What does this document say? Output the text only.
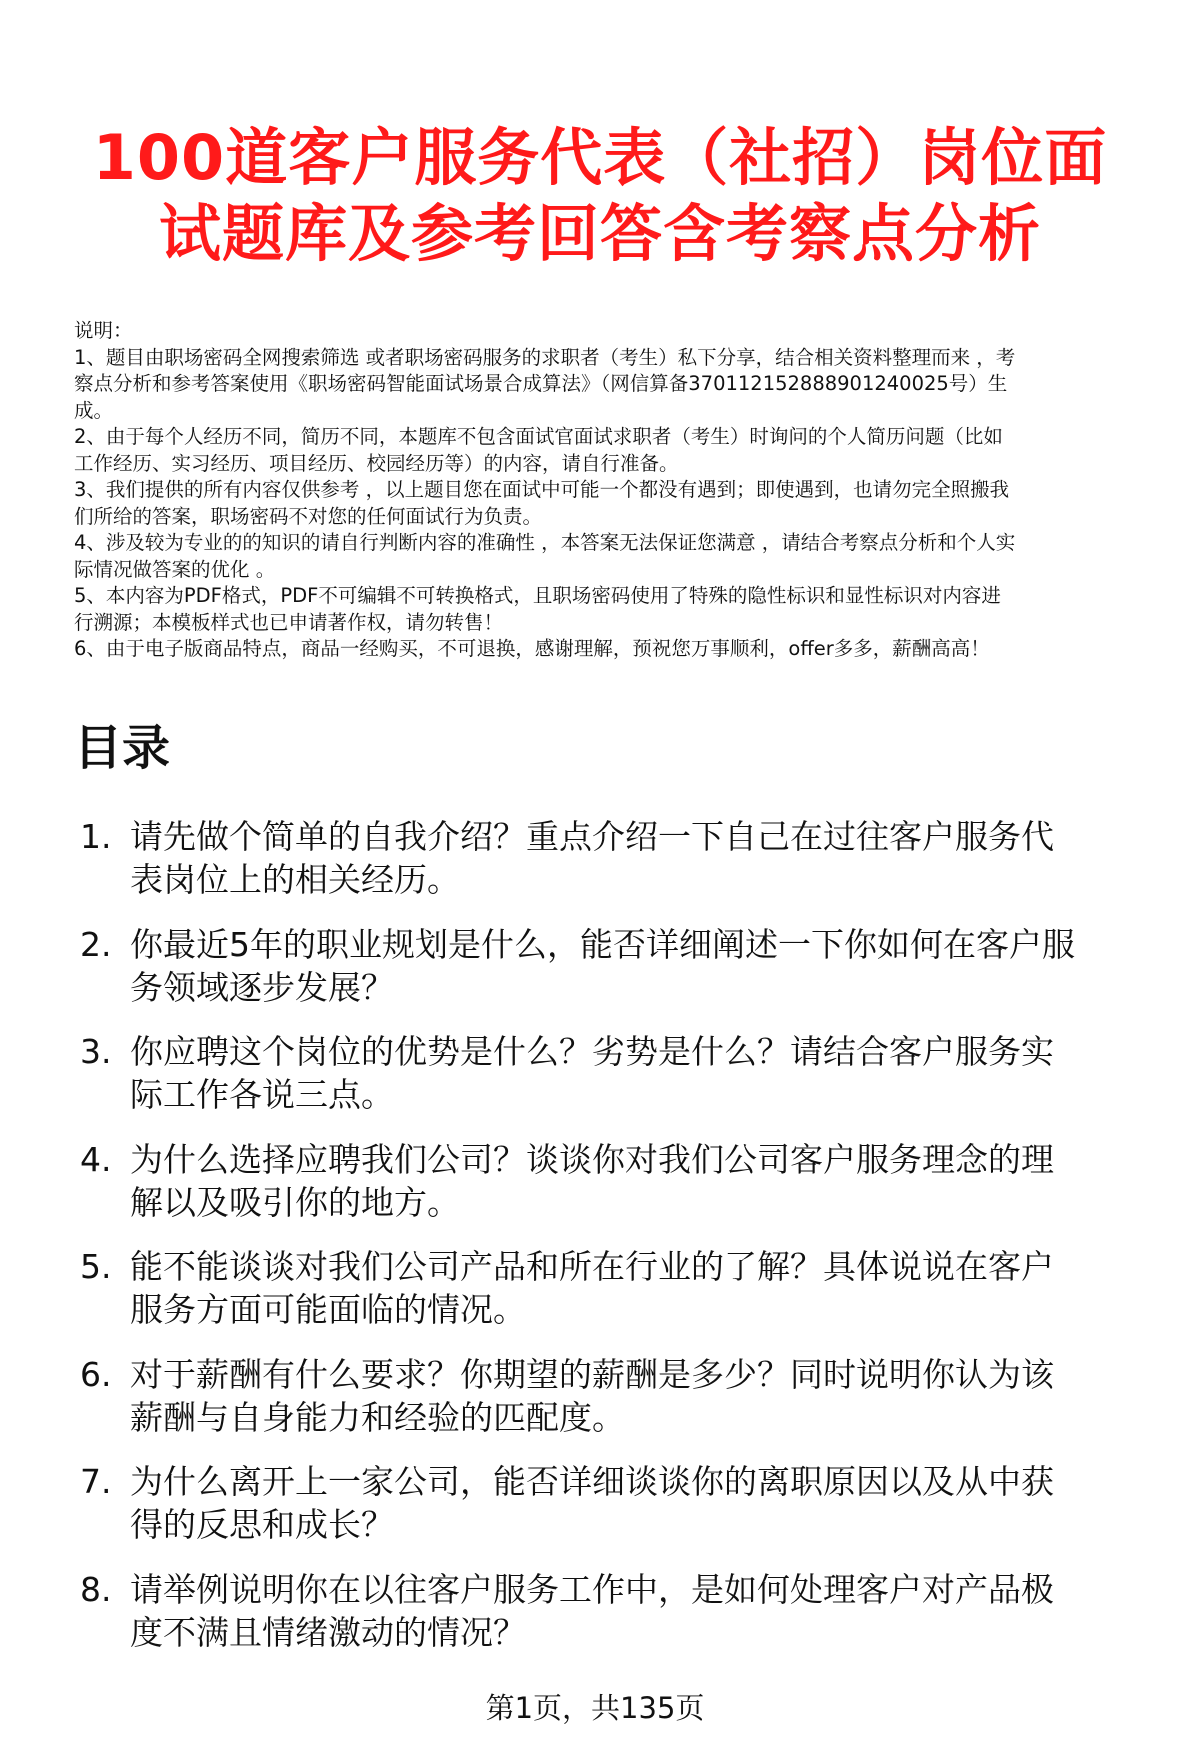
100道客户服务代表（社招）岗位面
试题库及参考回答含考察点分析
说明：
1、题目由职场密码全网搜索筛选 或者职场密码服务的求职者（考生）私下分享，结合相关资料整理而来 ，考
察点分析和参考答案使用《职场密码智能面试场景合成算法》（网信算备370112152888901240025号）生
成。
2、由于每个人经历不同，简历不同，本题库不包含面试官面试求职者（考生）时询问的个人简历问题（比如
工作经历、实习经历、项目经历、校园经历等）的内容，请自行准备。
3、我们提供的所有内容仅供参考 ，以上题目您在面试中可能一个都没有遇到；即使遇到，也请勿完全照搬我
们所给的答案，职场密码不对您的任何面试行为负责。
4、涉及较为专业的的知识的请自行判断内容的准确性 ，本答案无法保证您满意 ，请结合考察点分析和个人实
际情况做答案的优化 。
5、本内容为PDF格式，PDF不可编辑不可转换格式，且职场密码使用了特殊的隐性标识和显性标识对内容进
行溯源；本模板样式也已申请著作权，请勿转售！
6、由于电子版商品特点，商品一经购买，不可退换，感谢理解，预祝您万事顺利，offer多多，薪酬高高！
目录
1. 请先做个简单的自我介绍？重点介绍一下自己在过往客户服务代
表岗位上的相关经历。
2. 你最近5年的职业规划是什么，能否详细阐述一下你如何在客户服
务领域逐步发展？
3. 你应聘这个岗位的优势是什么？劣势是什么？请结合客户服务实
际工作各说三点。
4. 为什么选择应聘我们公司？谈谈你对我们公司客户服务理念的理
解以及吸引你的地方。
5. 能不能谈谈对我们公司产品和所在行业的了解？具体说说在客户
服务方面可能面临的情况。
6. 对于薪酬有什么要求？你期望的薪酬是多少？同时说明你认为该
薪酬与自身能力和经验的匹配度。
7. 为什么离开上一家公司，能否详细谈谈你的离职原因以及从中获
得的反思和成长？
8. 请举例说明你在以往客户服务工作中，是如何处理客户对产品极
度不满且情绪激动的情况？
第1页，共135页
